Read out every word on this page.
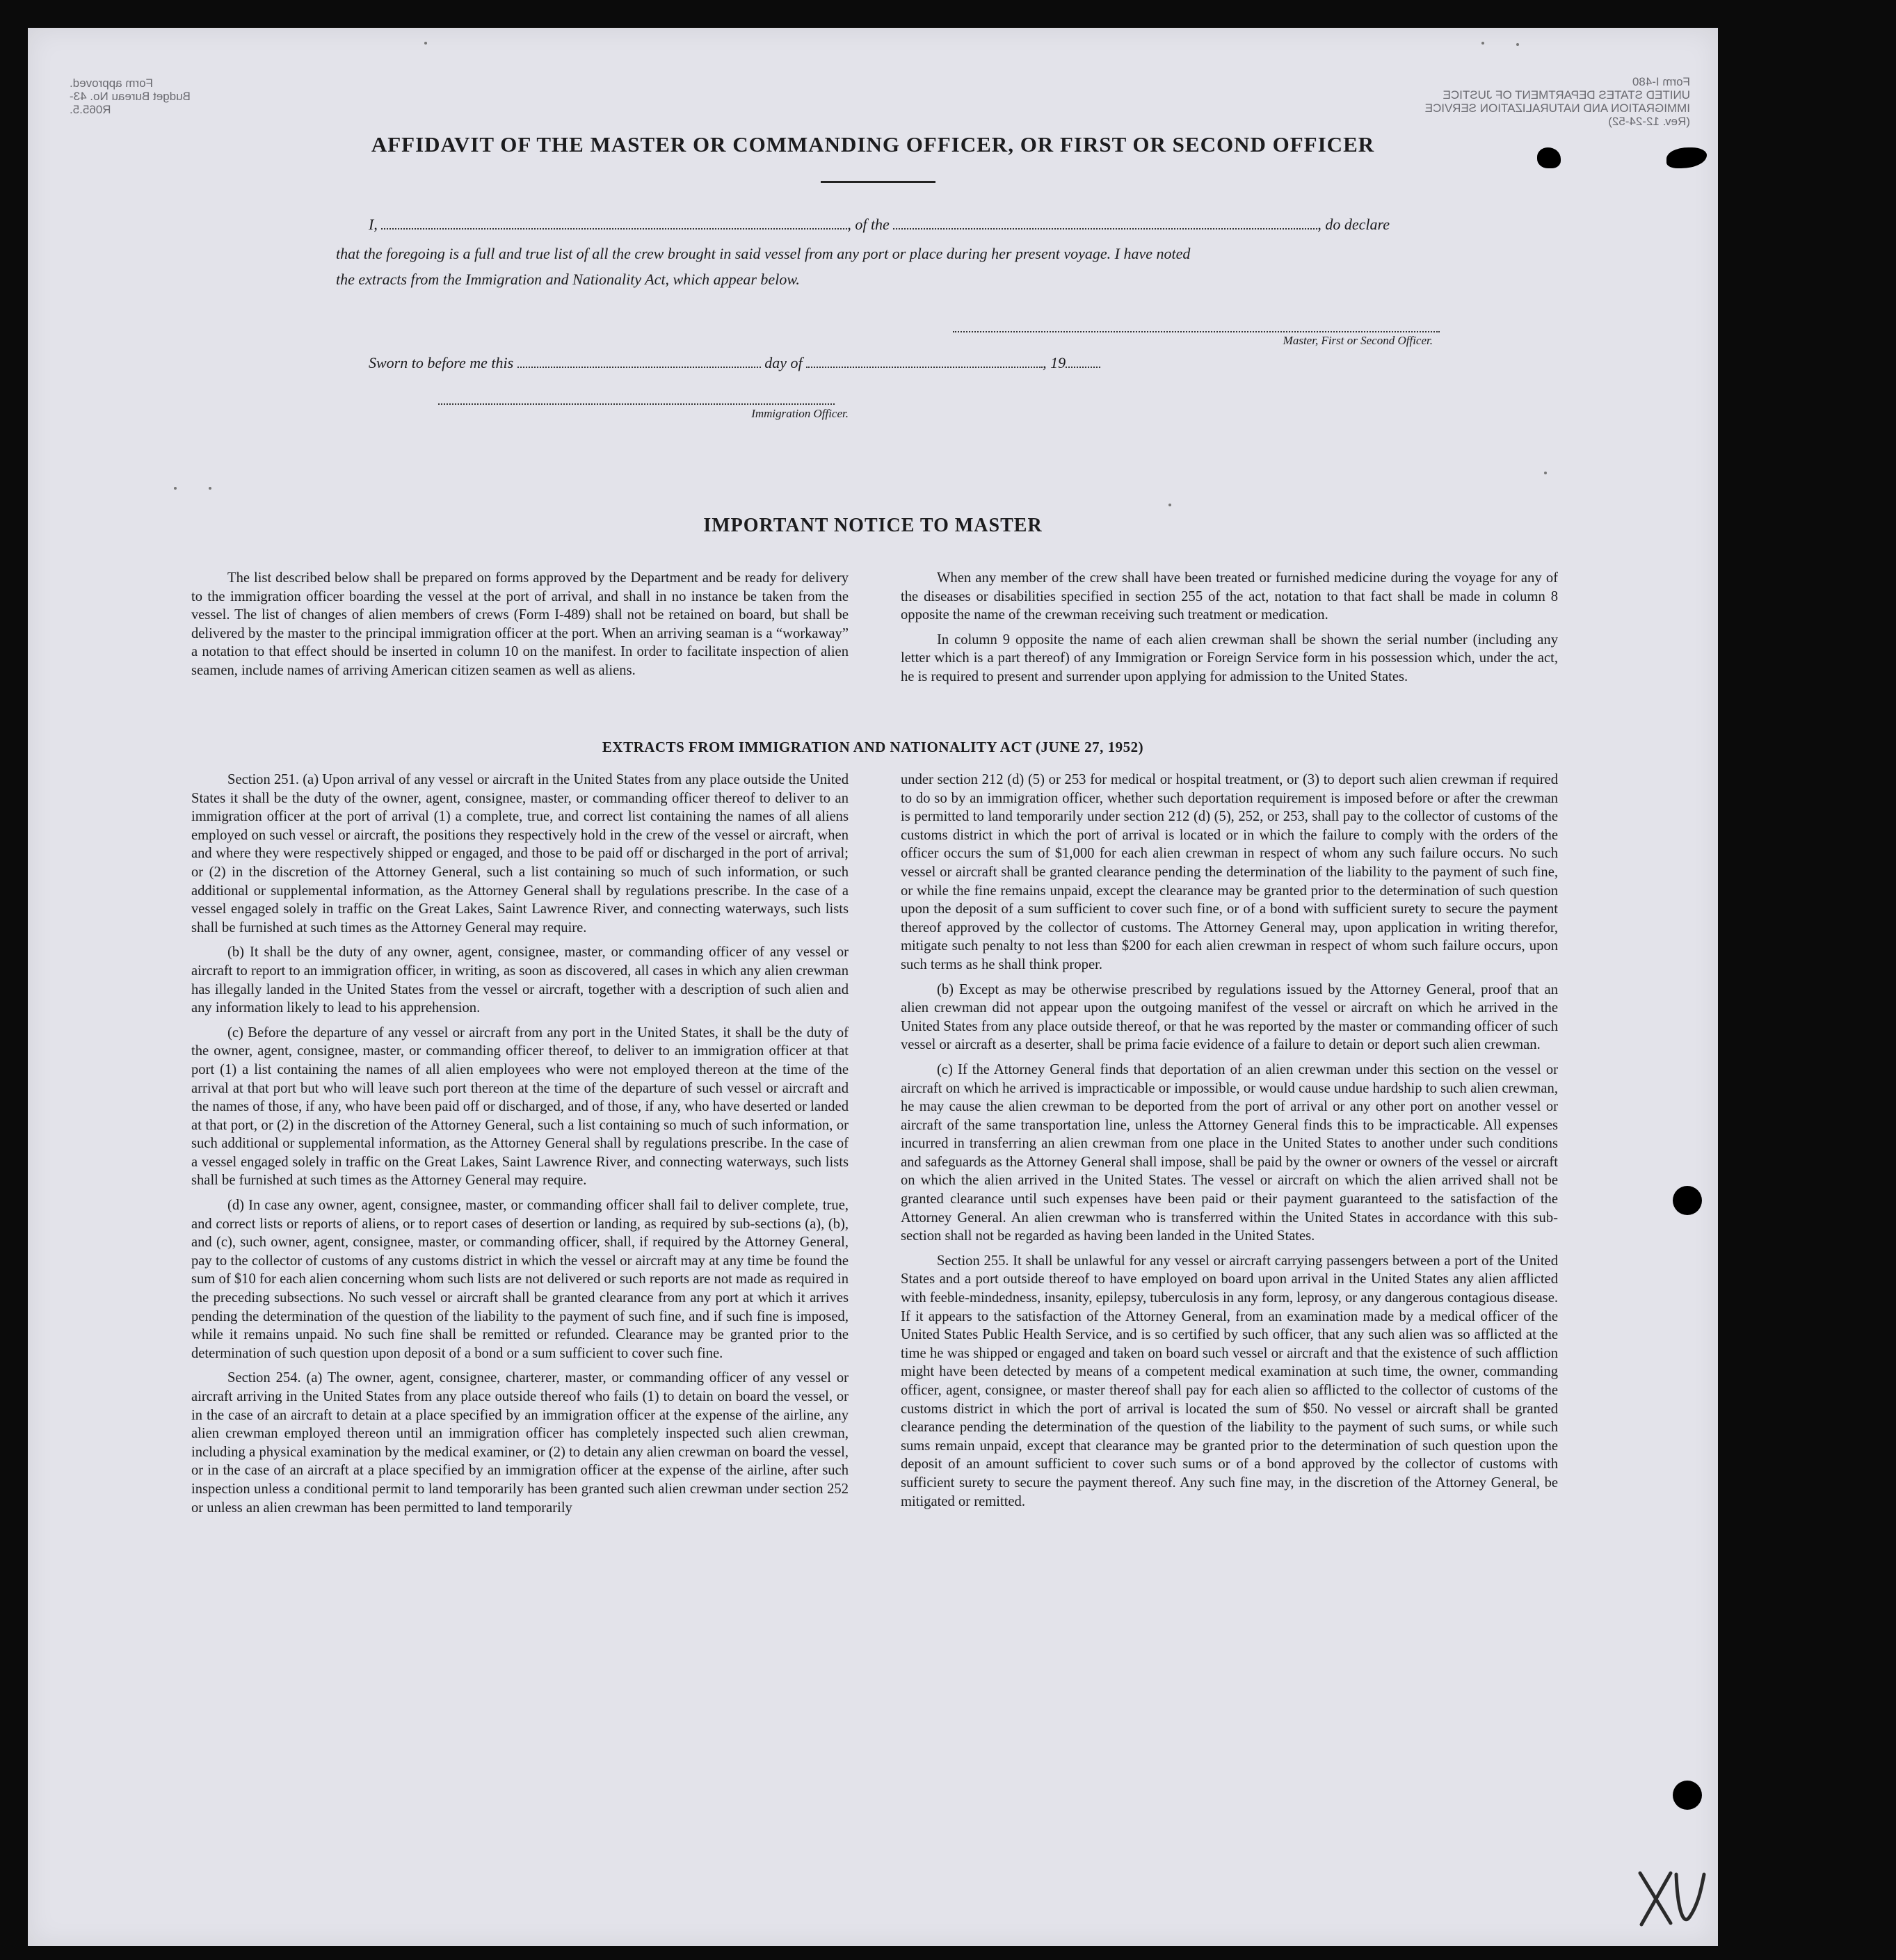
Form approved.
Budget Bureau No. 43-R065.5.
Form I-480
UNITED STATES DEPARTMENT OF JUSTICE
IMMIGRATION AND NATURALIZATION SERVICE
(Rev. 12-24-52)
AFFIDAVIT OF THE MASTER OR COMMANDING OFFICER, OR FIRST OR SECOND OFFICER
I,	, of the	, do declare
that the foregoing is a full and true list of all the crew brought in said vessel from any port or place during her present voyage. I have noted
the extracts from the Immigration and Nationality Act, which appear below.
Master, First or Second Officer.
Sworn to before me this	day of	, 19
Immigration Officer.
IMPORTANT NOTICE TO MASTER

The list described below shall be prepared on forms approved by the Department and be ready for delivery to the immigration officer boarding the vessel at the port of arrival, and shall in no instance be taken from the vessel. The list of changes of alien members of crews (Form I-489) shall not be retained on board, but shall be delivered by the master to the principal immigration officer at the port. When an arriving seaman is a “workaway” a notation to that effect should be inserted in column 10 on the manifest. In order to facilitate inspection of alien seamen, include names of arriving American citizen seamen as well as aliens.

When any member of the crew shall have been treated or furnished medicine during the voyage for any of the diseases or disabilities specified in section 255 of the act, notation to that fact shall be made in column 8 opposite the name of the crewman receiving such treatment or medication.

In column 9 opposite the name of each alien crewman shall be shown the serial number (including any letter which is a part thereof) of any Immigration or Foreign Service form in his possession which, under the act, he is required to present and surrender upon applying for admission to the United States.

EXTRACTS FROM IMMIGRATION AND NATIONALITY ACT (JUNE 27, 1952)

Section 251. (a) Upon arrival of any vessel or aircraft in the United States from any place outside the United States it shall be the duty of the owner, agent, consignee, master, or commanding officer thereof to deliver to an immigration officer at the port of arrival (1) a complete, true, and correct list containing the names of all aliens employed on such vessel or aircraft, the positions they respectively hold in the crew of the vessel or aircraft, when and where they were respectively shipped or engaged, and those to be paid off or discharged in the port of arrival; or (2) in the discretion of the Attorney General, such a list containing so much of such information, or such additional or supplemental information, as the Attorney General shall by regulations prescribe. In the case of a vessel engaged solely in traffic on the Great Lakes, Saint Lawrence River, and connecting waterways, such lists shall be furnished at such times as the Attorney General may require.

(b) It shall be the duty of any owner, agent, consignee, master, or commanding officer of any vessel or aircraft to report to an immigration officer, in writing, as soon as discovered, all cases in which any alien crewman has illegally landed in the United States from the vessel or aircraft, together with a description of such alien and any information likely to lead to his apprehension.

(c) Before the departure of any vessel or aircraft from any port in the United States, it shall be the duty of the owner, agent, consignee, master, or commanding officer thereof, to deliver to an immigration officer at that port (1) a list containing the names of all alien employees who were not employed thereon at the time of the arrival at that port but who will leave such port thereon at the time of the departure of such vessel or aircraft and the names of those, if any, who have been paid off or discharged, and of those, if any, who have deserted or landed at that port, or (2) in the discretion of the Attorney General, such a list containing so much of such information, or such additional or supplemental information, as the Attorney General shall by regulations prescribe. In the case of a vessel engaged solely in traffic on the Great Lakes, Saint Lawrence River, and connecting waterways, such lists shall be furnished at such times as the Attorney General may require.

(d) In case any owner, agent, consignee, master, or commanding officer shall fail to deliver complete, true, and correct lists or reports of aliens, or to report cases of desertion or landing, as required by sub-sections (a), (b), and (c), such owner, agent, consignee, master, or commanding officer, shall, if required by the Attorney General, pay to the collector of customs of any customs district in which the vessel or aircraft may at any time be found the sum of $10 for each alien concerning whom such lists are not delivered or such reports are not made as required in the preceding subsections. No such vessel or aircraft shall be granted clearance from any port at which it arrives pending the determination of the question of the liability to the payment of such fine, and if such fine is imposed, while it remains unpaid. No such fine shall be remitted or refunded. Clearance may be granted prior to the determination of such question upon deposit of a bond or a sum sufficient to cover such fine.

Section 254. (a) The owner, agent, consignee, charterer, master, or commanding officer of any vessel or aircraft arriving in the United States from any place outside thereof who fails (1) to detain on board the vessel, or in the case of an aircraft to detain at a place specified by an immigration officer at the expense of the airline, any alien crewman employed thereon until an immigration officer has completely inspected such alien crewman, including a physical examination by the medical examiner, or (2) to detain any alien crewman on board the vessel, or in the case of an aircraft at a place specified by an immigration officer at the expense of the airline, after such inspection unless a conditional permit to land temporarily has been granted such alien crewman under section 252 or unless an alien crewman has been permitted to land temporarily

under section 212 (d) (5) or 253 for medical or hospital treatment, or (3) to deport such alien crewman if required to do so by an immigration officer, whether such deportation requirement is imposed before or after the crewman is permitted to land temporarily under section 212 (d) (5), 252, or 253, shall pay to the collector of customs of the customs district in which the port of arrival is located or in which the failure to comply with the orders of the officer occurs the sum of $1,000 for each alien crewman in respect of whom any such failure occurs. No such vessel or aircraft shall be granted clearance pending the determination of the liability to the payment of such fine, or while the fine remains unpaid, except the clearance may be granted prior to the determination of such question upon the deposit of a sum sufficient to cover such fine, or of a bond with sufficient surety to secure the payment thereof approved by the collector of customs. The Attorney General may, upon application in writing therefor, mitigate such penalty to not less than $200 for each alien crewman in respect of whom such failure occurs, upon such terms as he shall think proper.

(b) Except as may be otherwise prescribed by regulations issued by the Attorney General, proof that an alien crewman did not appear upon the outgoing manifest of the vessel or aircraft on which he arrived in the United States from any place outside thereof, or that he was reported by the master or commanding officer of such vessel or aircraft as a deserter, shall be prima facie evidence of a failure to detain or deport such alien crewman.

(c) If the Attorney General finds that deportation of an alien crewman under this section on the vessel or aircraft on which he arrived is impracticable or impossible, or would cause undue hardship to such alien crewman, he may cause the alien crewman to be deported from the port of arrival or any other port on another vessel or aircraft of the same transportation line, unless the Attorney General finds this to be impracticable. All expenses incurred in transferring an alien crewman from one place in the United States to another under such conditions and safeguards as the Attorney General shall impose, shall be paid by the owner or owners of the vessel or aircraft on which the alien arrived in the United States. The vessel or aircraft on which the alien arrived shall not be granted clearance until such expenses have been paid or their payment guaranteed to the satisfaction of the Attorney General. An alien crewman who is transferred within the United States in accordance with this sub-section shall not be regarded as having been landed in the United States.

Section 255. It shall be unlawful for any vessel or aircraft carrying passengers between a port of the United States and a port outside thereof to have employed on board upon arrival in the United States any alien afflicted with feeble-mindedness, insanity, epilepsy, tuberculosis in any form, leprosy, or any dangerous contagious disease. If it appears to the satisfaction of the Attorney General, from an examination made by a medical officer of the United States Public Health Service, and is so certified by such officer, that any such alien was so afflicted at the time he was shipped or engaged and taken on board such vessel or aircraft and that the existence of such affliction might have been detected by means of a competent medical examination at such time, the owner, commanding officer, agent, consignee, or master thereof shall pay for each alien so afflicted to the collector of customs of the customs district in which the port of arrival is located the sum of $50. No vessel or aircraft shall be granted clearance pending the determination of the question of the liability to the payment of such sums, or while such sums remain unpaid, except that clearance may be granted prior to the determination of such question upon the deposit of an amount sufficient to cover such sums or of a bond approved by the collector of customs with sufficient surety to secure the payment thereof. Any such fine may, in the discretion of the Attorney General, be mitigated or remitted.
